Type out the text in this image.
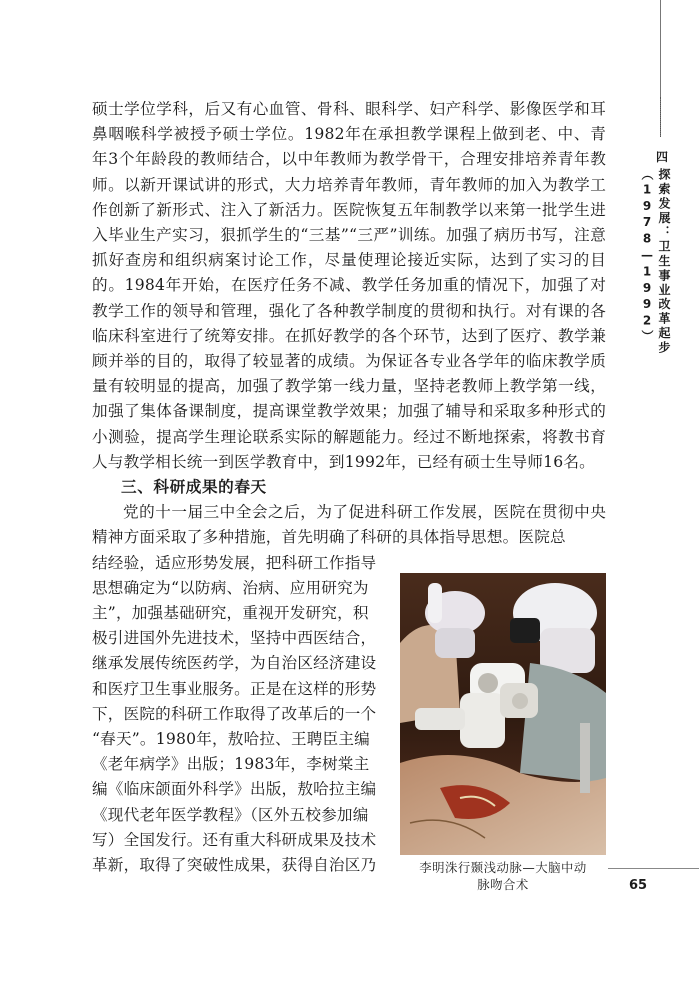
四
探索发展：卫生事业改革起步（1978—1992）

硕士学位学科，后又有心血管、骨科、眼科学、妇产科学、影像医学和耳鼻咽喉科学被授予硕士学位。1982年在承担教学课程上做到老、中、青年3个年龄段的教师结合，以中年教师为教学骨干，合理安排培养青年教师。以新开课试讲的形式，大力培养青年教师，青年教师的加入为教学工作创新了新形式、注入了新活力。医院恢复五年制教学以来第一批学生进入毕业生产实习，狠抓学生的“三基”“三严”训练。加强了病历书写，注意抓好查房和组织病案讨论工作，尽量使理论接近实际，达到了实习的目的。1984年开始，在医疗任务不减、教学任务加重的情况下，加强了对教学工作的领导和管理，强化了各种教学制度的贯彻和执行。对有课的各临床科室进行了统筹安排。在抓好教学的各个环节，达到了医疗、教学兼顾并举的目的，取得了较显著的成绩。为保证各专业各学年的临床教学质量有较明显的提高，加强了教学第一线力量，坚持老教师上教学第一线，加强了集体备课制度，提高课堂教学效果；加强了辅导和采取多种形式的小测验，提高学生理论联系实际的解题能力。经过不断地探索，将教书育人与教学相长统一到医学教育中，到1992年，已经有硕士生导师16名。

三、科研成果的春天

党的十一届三中全会之后，为了促进科研工作发展，医院在贯彻中央精神方面采取了多种措施，首先明确了科研的具体指导思想。医院总

结经验，适应形势发展，把科研工作指导
思想确定为“以防病、治病、应用研究为
主”，加强基础研究，重视开发研究，积
极引进国外先进技术，坚持中西医结合，
继承发展传统医药学，为自治区经济建设
和医疗卫生事业服务。正是在这样的形势
下，医院的科研工作取得了改革后的一个
“春天”。1980年，敖哈拉、王聘臣主编
《老年病学》出版；1983年，李树棠主
编《临床颌面外科学》出版，敖哈拉主编
《现代老年医学教程》（区外五校参加编
写）全国发行。还有重大科研成果及技术
革新，取得了突破性成果，获得自治区乃	李明洙行颞浅动脉—大脑中动
脉吻合术	65
